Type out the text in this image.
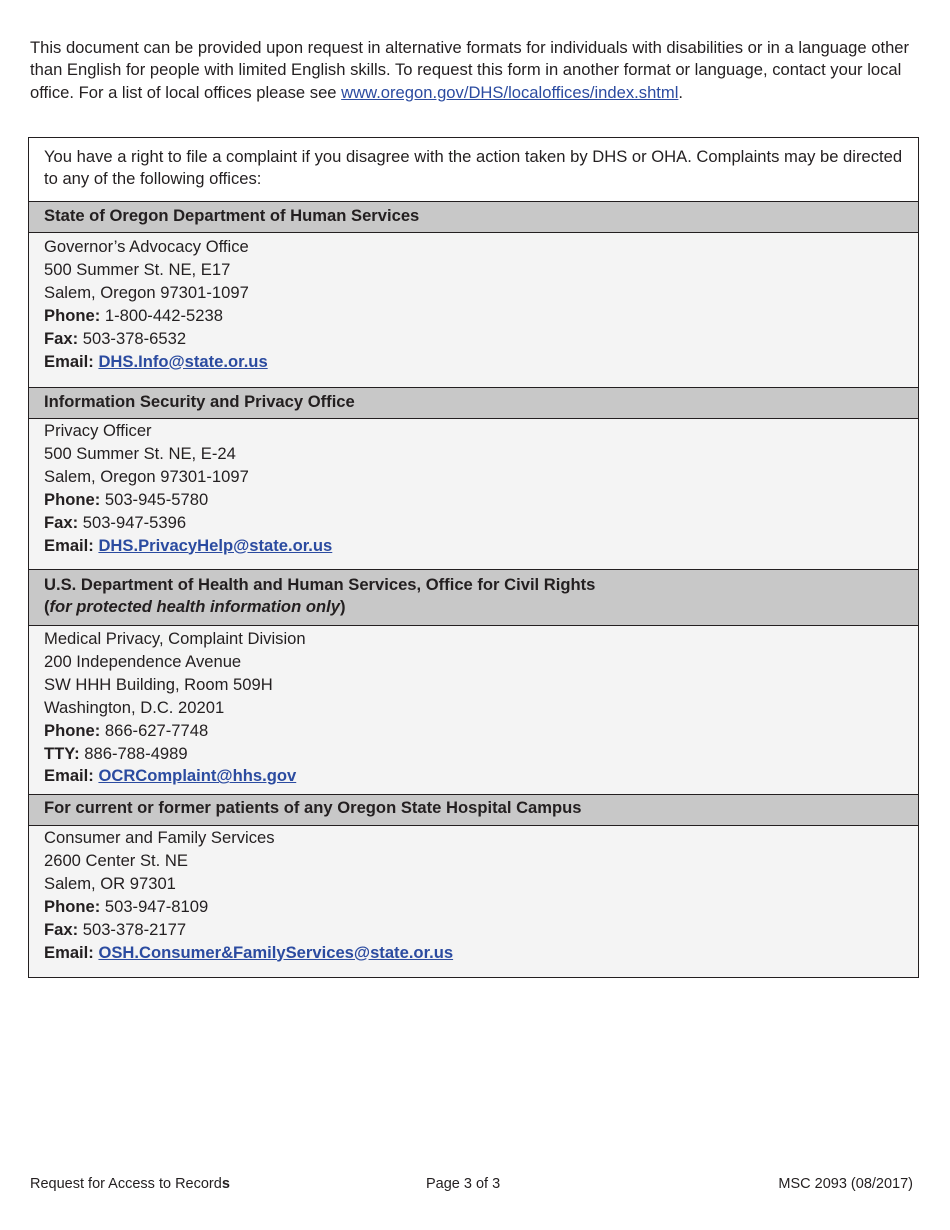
This document can be provided upon request in alternative formats for individuals with disabilities or in a language other than English for people with limited English skills. To request this form in another format or language, contact your local office. For a list of local offices please see www.oregon.gov/DHS/localoffices/index.shtml.
You have a right to file a complaint if you disagree with the action taken by DHS or OHA. Complaints may be directed to any of the following offices:
State of Oregon Department of Human Services
Governor’s Advocacy Office
500 Summer St. NE, E17
Salem, Oregon 97301-1097
Phone: 1-800-442-5238
Fax: 503-378-6532
Email: DHS.Info@state.or.us
Information Security and Privacy Office
Privacy Officer
500 Summer St. NE, E-24
Salem, Oregon 97301-1097
Phone: 503-945-5780
Fax: 503-947-5396
Email: DHS.PrivacyHelp@state.or.us
U.S. Department of Health and Human Services, Office for Civil Rights
(for protected health information only)
Medical Privacy, Complaint Division
200 Independence Avenue
SW HHH Building, Room 509H
Washington, D.C. 20201
Phone: 866-627-7748
TTY: 886-788-4989
Email: OCRComplaint@hhs.gov
For current or former patients of any Oregon State Hospital Campus
Consumer and Family Services
2600 Center St. NE
Salem, OR 97301
Phone: 503-947-8109
Fax: 503-378-2177
Email: OSH.Consumer&FamilyServices@state.or.us
Request for Access to Records	Page 3 of 3	MSC 2093 (08/2017)
